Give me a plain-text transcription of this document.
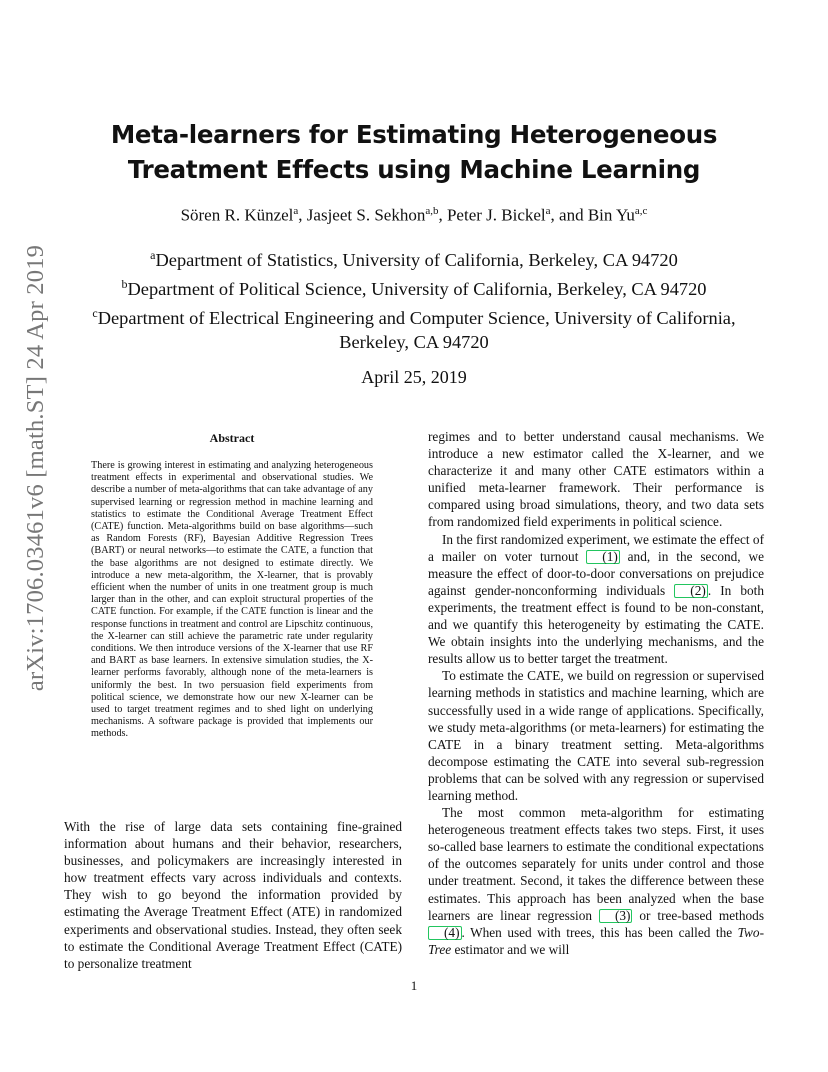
arXiv:1706.03461v6 [math.ST] 24 Apr 2019
Meta-learners for Estimating Heterogeneous
Treatment Effects using Machine Learning
Sören R. Künzel$^a$, Jasjeet S. Sekhon$^{a,b}$, Peter J. Bickel$^a$, and Bin Yu$^{a,c}$

$^a$Department of Statistics, University of California, Berkeley, CA 94720

$^b$Department of Political Science, University of California, Berkeley, CA 94720

$^c$Department of Electrical Engineering and Computer Science, University of California, Berkeley, CA 94720

April 25, 2019
Abstract

There is growing interest in estimating and analyzing heterogeneous treatment effects in experimental and observational studies. We describe a number of meta-algorithms that can take advantage of any supervised learning or regression method in machine learning and statistics to estimate the Conditional Average Treatment Effect (CATE) function. Meta-algorithms build on base algorithms—such as Random Forests (RF), Bayesian Additive Regression Trees (BART) or neural networks—to estimate the CATE, a function that the base algorithms are not designed to estimate directly. We introduce a new meta-algorithm, the X-learner, that is provably efficient when the number of units in one treatment group is much larger than in the other, and can exploit structural properties of the CATE function. For example, if the CATE function is linear and the response functions in treatment and control are Lipschitz continuous, the X-learner can still achieve the parametric rate under regularity conditions. We then introduce versions of the X-learner that use RF and BART as base learners. In extensive simulation studies, the X-learner performs favorably, although none of the meta-learners is uniformly the best. In two persuasion field experiments from political science, we demonstrate how our new X-learner can be used to target treatment regimes and to shed light on underlying mechanisms. A software package is provided that implements our methods.

With the rise of large data sets containing fine-grained information about humans and their behavior, researchers, businesses, and policymakers are increasingly interested in how treatment effects vary across individuals and contexts. They wish to go beyond the information provided by estimating the Average Treatment Effect (ATE) in randomized experiments and observational studies. Instead, they often seek to estimate the Conditional Average Treatment Effect (CATE) to personalize treatment

regimes and to better understand causal mechanisms. We introduce a new estimator called the X-learner, and we characterize it and many other CATE estimators within a unified meta-learner framework. Their performance is compared using broad simulations, theory, and two data sets from randomized field experiments in political science.

In the first randomized experiment, we estimate the effect of a mailer on voter turnout (1) and, in the second, we measure the effect of door-to-door conversations on prejudice against gender-nonconforming individuals (2) . In both experiments, the treatment effect is found to be non-constant, and we quantify this heterogeneity by estimating the CATE. We obtain insights into the underlying mechanisms, and the results allow us to better target the treatment.

To estimate the CATE, we build on regression or supervised learning methods in statistics and machine learning, which are successfully used in a wide range of applications. Specifically, we study meta-algorithms (or meta-learners) for estimating the CATE in a binary treatment setting. Meta-algorithms decompose estimating the CATE into several sub-regression problems that can be solved with any regression or supervised learning method.

The most common meta-algorithm for estimating heterogeneous treatment effects takes two steps. First, it uses so-called base learners to estimate the conditional expectations of the outcomes separately for units under control and those under treatment. Second, it takes the difference between these estimates. This approach has been analyzed when the base learners are linear regression (3) or tree-based methods (4) . When used with trees, this has been called the Two-Tree estimator and we will

1
